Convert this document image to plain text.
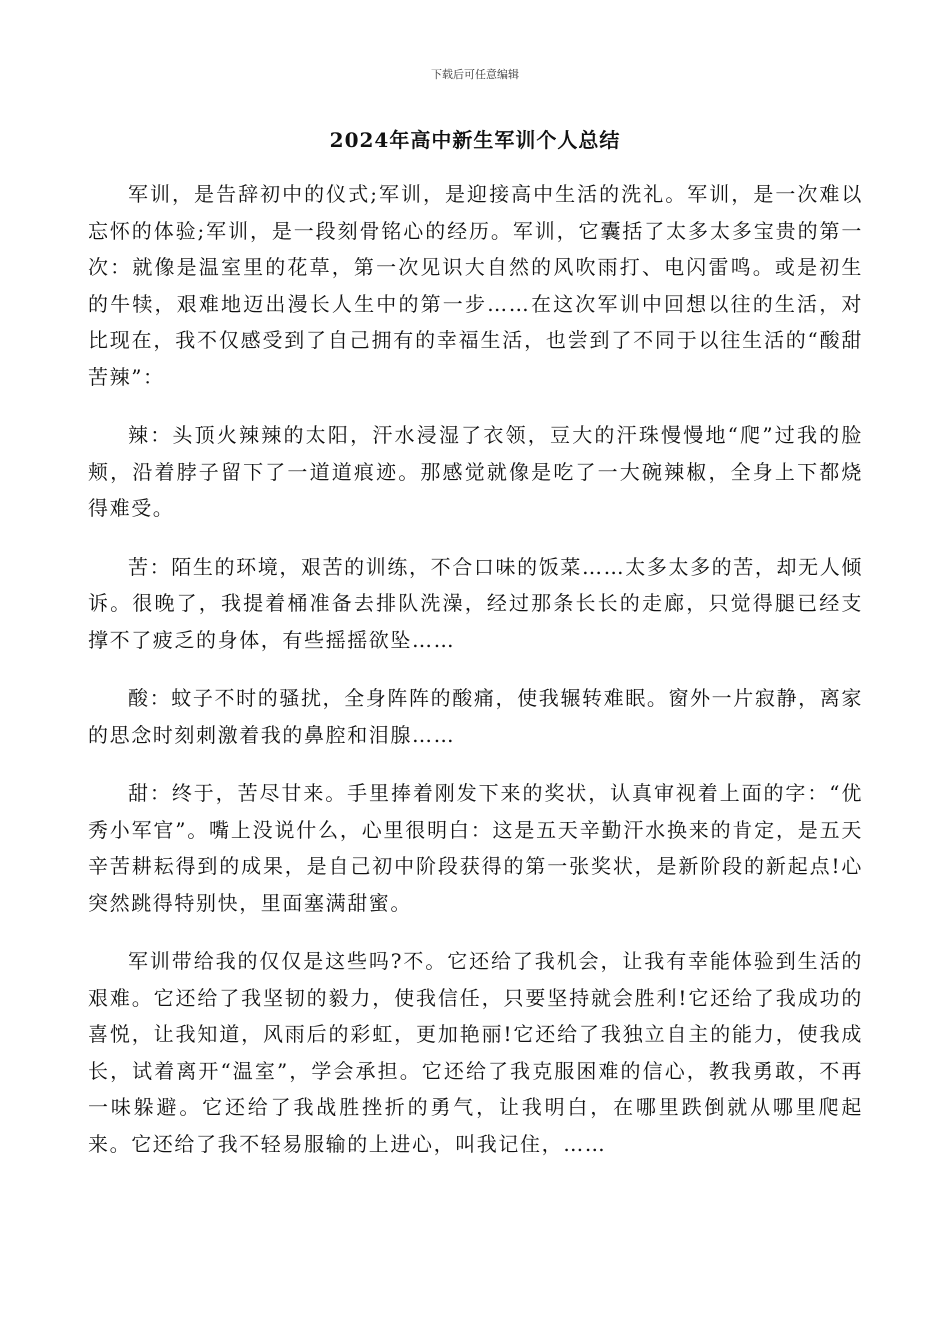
下载后可任意编辑
2024年高中新生军训个人总结

军训，是告辞初中的仪式;军训，是迎接高中生活的洗礼。军训，是一次难以忘怀的体验;军训，是一段刻骨铭心的经历。军训，它囊括了太多太多宝贵的第一次：就像是温室里的花草，第一次见识大自然的风吹雨打、电闪雷鸣。或是初生的牛犊，艰难地迈出漫长人生中的第一步……在这次军训中回想以往的生活，对比现在，我不仅感受到了自己拥有的幸福生活，也尝到了不同于以往生活的“酸甜苦辣”：

辣：头顶火辣辣的太阳，汗水浸湿了衣领，豆大的汗珠慢慢地“爬”过我的脸颊，沿着脖子留下了一道道痕迹。那感觉就像是吃了一大碗辣椒，全身上下都烧得难受。

苦：陌生的环境，艰苦的训练，不合口味的饭菜……太多太多的苦，却无人倾诉。很晚了，我提着桶准备去排队洗澡，经过那条长长的走廊，只觉得腿已经支撑不了疲乏的身体，有些摇摇欲坠……

酸：蚊子不时的骚扰，全身阵阵的酸痛，使我辗转难眠。窗外一片寂静，离家的思念时刻刺激着我的鼻腔和泪腺……

甜：终于，苦尽甘来。手里捧着刚发下来的奖状，认真审视着上面的字：“优秀小军官”。嘴上没说什么，心里很明白：这是五天辛勤汗水换来的肯定，是五天辛苦耕耘得到的成果，是自己初中阶段获得的第一张奖状，是新阶段的新起点!心突然跳得特别快，里面塞满甜蜜。

军训带给我的仅仅是这些吗?不。它还给了我机会，让我有幸能体验到生活的艰难。它还给了我坚韧的毅力，使我信任，只要坚持就会胜利!它还给了我成功的喜悦，让我知道，风雨后的彩虹，更加艳丽!它还给了我独立自主的能力，使我成长，试着离开“温室”，学会承担。它还给了我克服困难的信心，教我勇敢，不再一味躲避。它还给了我战胜挫折的勇气，让我明白，在哪里跌倒就从哪里爬起来。它还给了我不轻易服输的上进心，叫我记住，……
